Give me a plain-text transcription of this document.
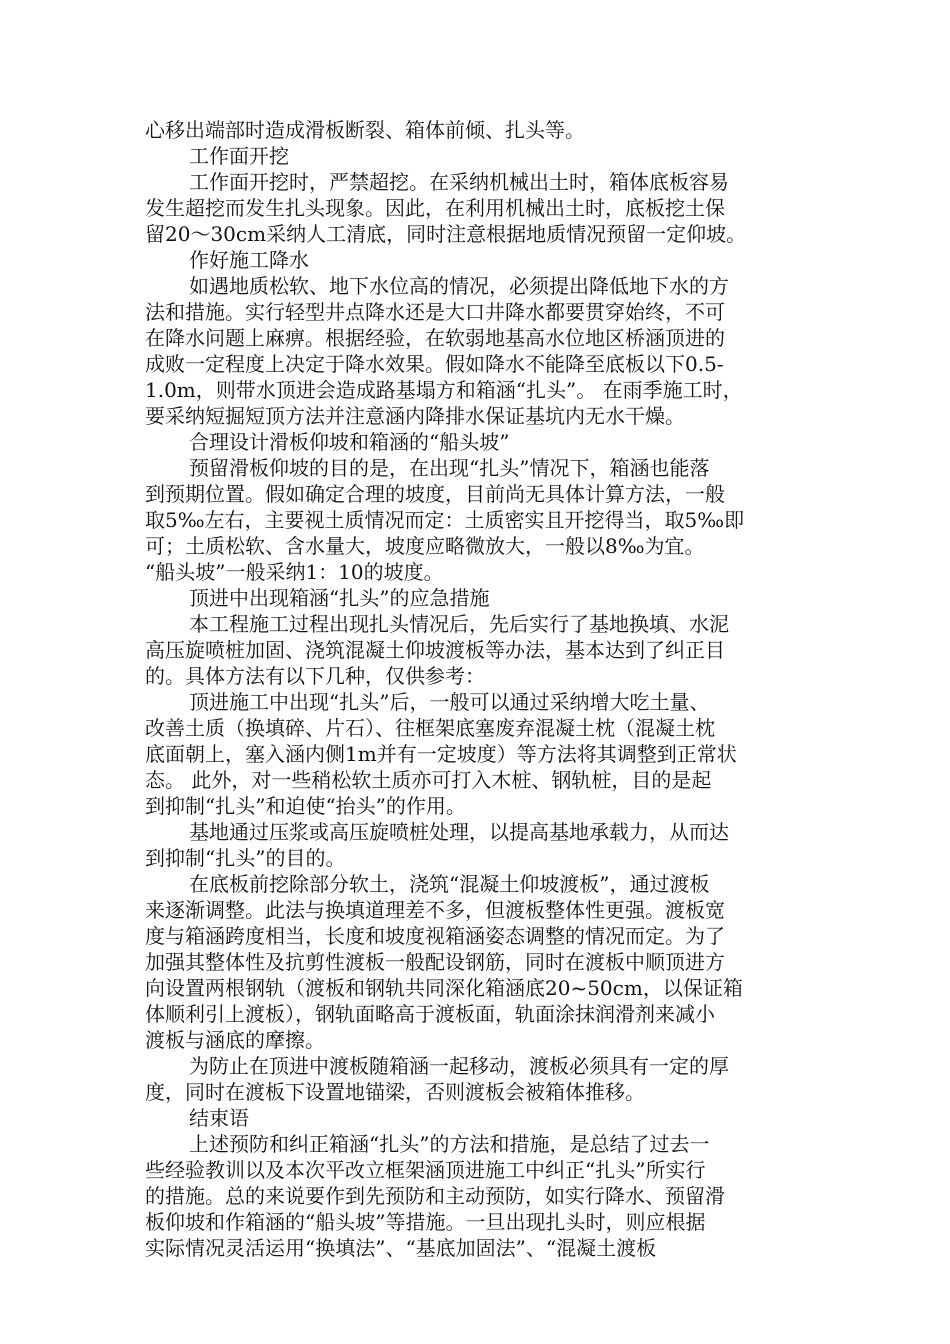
心移出端部时造成滑板断裂、箱体前倾、扎头等。
工作面开挖
工作面开挖时，严禁超挖。在采纳机械出土时，箱体底板容易
发生超挖而发生扎头现象。因此，在利用机械出土时，底板挖土保
留20～30cm采纳人工清底，同时注意根据地质情况预留一定仰坡。
作好施工降水
如遇地质松软、地下水位高的情况，必须提出降低地下水的方
法和措施。实行轻型井点降水还是大口井降水都要贯穿始终，不可
在降水问题上麻痹。根据经验，在软弱地基高水位地区桥涵顶进的
成败一定程度上决定于降水效果。假如降水不能降至底板以下0.5-
1.0m，则带水顶进会造成路基塌方和箱涵“扎头”。 在雨季施工时，
要采纳短掘短顶方法并注意涵内降排水保证基坑内无水干燥。
合理设计滑板仰坡和箱涵的“船头坡”
预留滑板仰坡的目的是，在出现“扎头”情况下，箱涵也能落
到预期位置。假如确定合理的坡度，目前尚无具体计算方法，一般
取5‰左右，主要视土质情况而定：土质密实且开挖得当，取5‰即
可；土质松软、含水量大，坡度应略微放大，一般以8‰为宜。
“船头坡”一般采纳1：10的坡度。
顶进中出现箱涵“扎头”的应急措施
本工程施工过程出现扎头情况后，先后实行了基地换填、水泥
高压旋喷桩加固、浇筑混凝土仰坡渡板等办法，基本达到了纠正目
的。具体方法有以下几种，仅供参考：
顶进施工中出现“扎头”后，一般可以通过采纳增大吃土量、
改善土质（换填碎、片石）、往框架底塞废弃混凝土枕（混凝土枕
底面朝上，塞入涵内侧1m并有一定坡度）等方法将其调整到正常状
态。 此外，对一些稍松软土质亦可打入木桩、钢轨桩，目的是起
到抑制“扎头”和迫使“抬头”的作用。
基地通过压浆或高压旋喷桩处理，以提高基地承载力，从而达
到抑制“扎头”的目的。
在底板前挖除部分软土，浇筑“混凝土仰坡渡板”，通过渡板
来逐渐调整。此法与换填道理差不多，但渡板整体性更强。渡板宽
度与箱涵跨度相当，长度和坡度视箱涵姿态调整的情况而定。为了
加强其整体性及抗剪性渡板一般配设钢筋，同时在渡板中顺顶进方
向设置两根钢轨（渡板和钢轨共同深化箱涵底20~50cm，以保证箱
体顺利引上渡板），钢轨面略高于渡板面，轨面涂抹润滑剂来减小
渡板与涵底的摩擦。
为防止在顶进中渡板随箱涵一起移动，渡板必须具有一定的厚
度，同时在渡板下设置地锚梁，否则渡板会被箱体推移。
结束语
上述预防和纠正箱涵“扎头”的方法和措施，是总结了过去一
些经验教训以及本次平改立框架涵顶进施工中纠正“扎头”所实行
的措施。总的来说要作到先预防和主动预防，如实行降水、预留滑
板仰坡和作箱涵的“船头坡”等措施。一旦出现扎头时，则应根据
实际情况灵活运用“换填法”、“基底加固法”、“混凝土渡板
